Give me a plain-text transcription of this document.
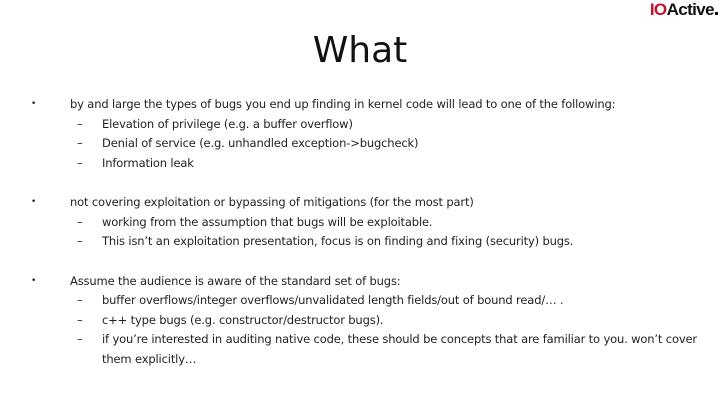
IOActive
What
•	by and large the types of bugs you end up finding in kernel code will lead to one of the following:
– Elevation of privilege (e.g. a buffer overflow)
– Denial of service (e.g. unhandled exception->bugcheck)
– Information leak
•	not covering exploitation or bypassing of mitigations (for the most part)
– working from the assumption that bugs will be exploitable.
– This isn’t an exploitation presentation, focus is on finding and fixing (security) bugs.
•	Assume the audience is aware of the standard set of bugs:
– buffer overflows/integer overflows/unvalidated length fields/out of bound read/… .
– c++ type bugs (e.g. constructor/destructor bugs).
– if you’re interested in auditing native code, these should be concepts that are familiar to you. won’t cover them explicitly…
